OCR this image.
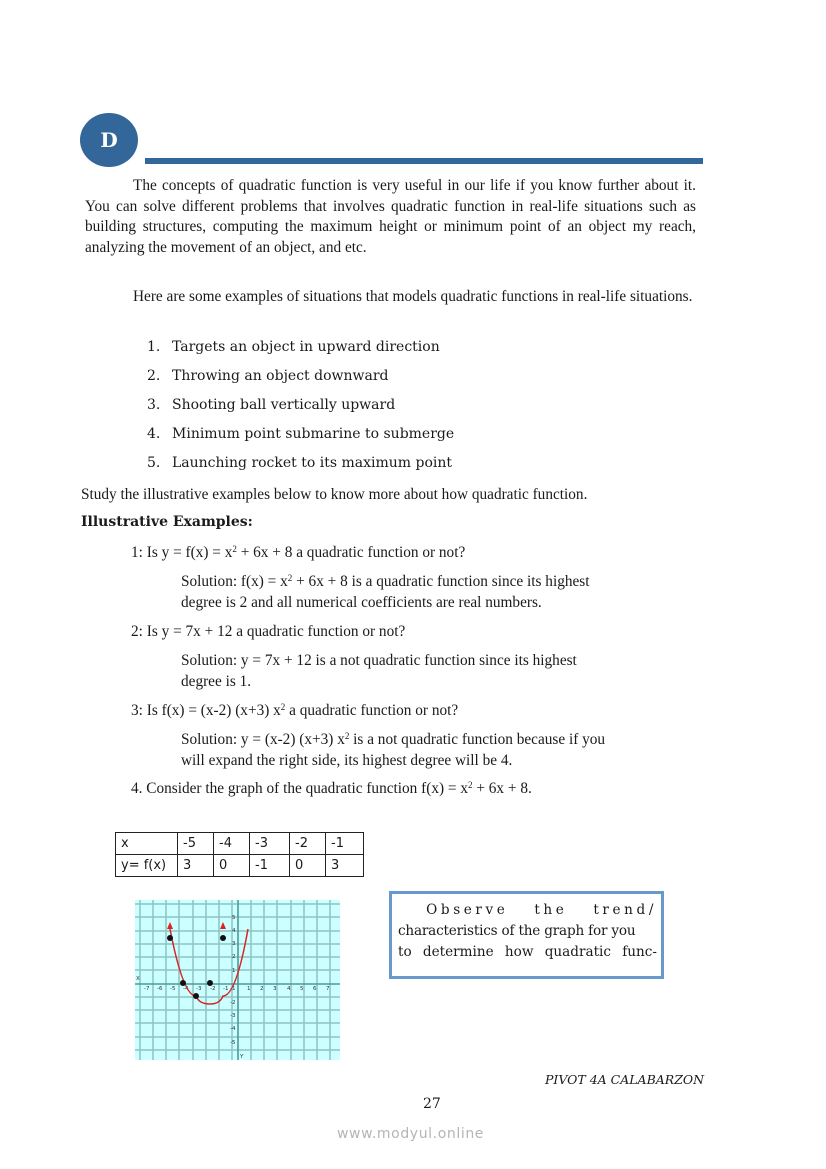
D

The concepts of quadratic function is very useful in our life if you know further about it. You can solve different problems that involves quadratic function in real-life situations such as building structures, computing the maximum height or minimum point of an object my reach, analyzing the movement of an object, and etc.

Here are some examples of situations that models quadratic functions in real-life situations.

1. Targets an object in upward direction
2. Throwing an object downward
3. Shooting ball vertically upward
4. Minimum point submarine to submerge
5. Launching rocket to its maximum point

Study the illustrative examples below to know more about how quadratic function.

Illustrative Examples:

1: Is $y = f(x) = x^2 + 6x + 8$ a quadratic function or not?

Solution: $f(x) = x^2 + 6x + 8$ is a quadratic function since its highest

degree is 2 and all numerical coefficients are real numbers.

2: Is y = 7x + 12 a quadratic function or not?

Solution: y = 7x + 12 is a not quadratic function since its highest

degree is 1.

3: Is f(x) = (x-2) (x+3) $x^2$ a quadratic function or not?

Solution: y = (x-2) (x+3) $x^2$ is a not quadratic function because if you

will expand the right side, its highest degree will be 4.

4. Consider the graph of the quadratic function $f(x) = x^2 + 6x + 8$.

x	-5	-4	-3	-2	-1
y= f(x)	3	0	-1	0	3
X
Y
-7 -6 -5 -4 -3 -2 -1	1 2 3 4 5 6 7
5
4
3
2
1
-1
-2
-3
-4
-5

Observe the trend/

characteristics of the graph for you

to determine how quadratic func-

PIVOT 4A CALABARZON
27
www.modyul.online
